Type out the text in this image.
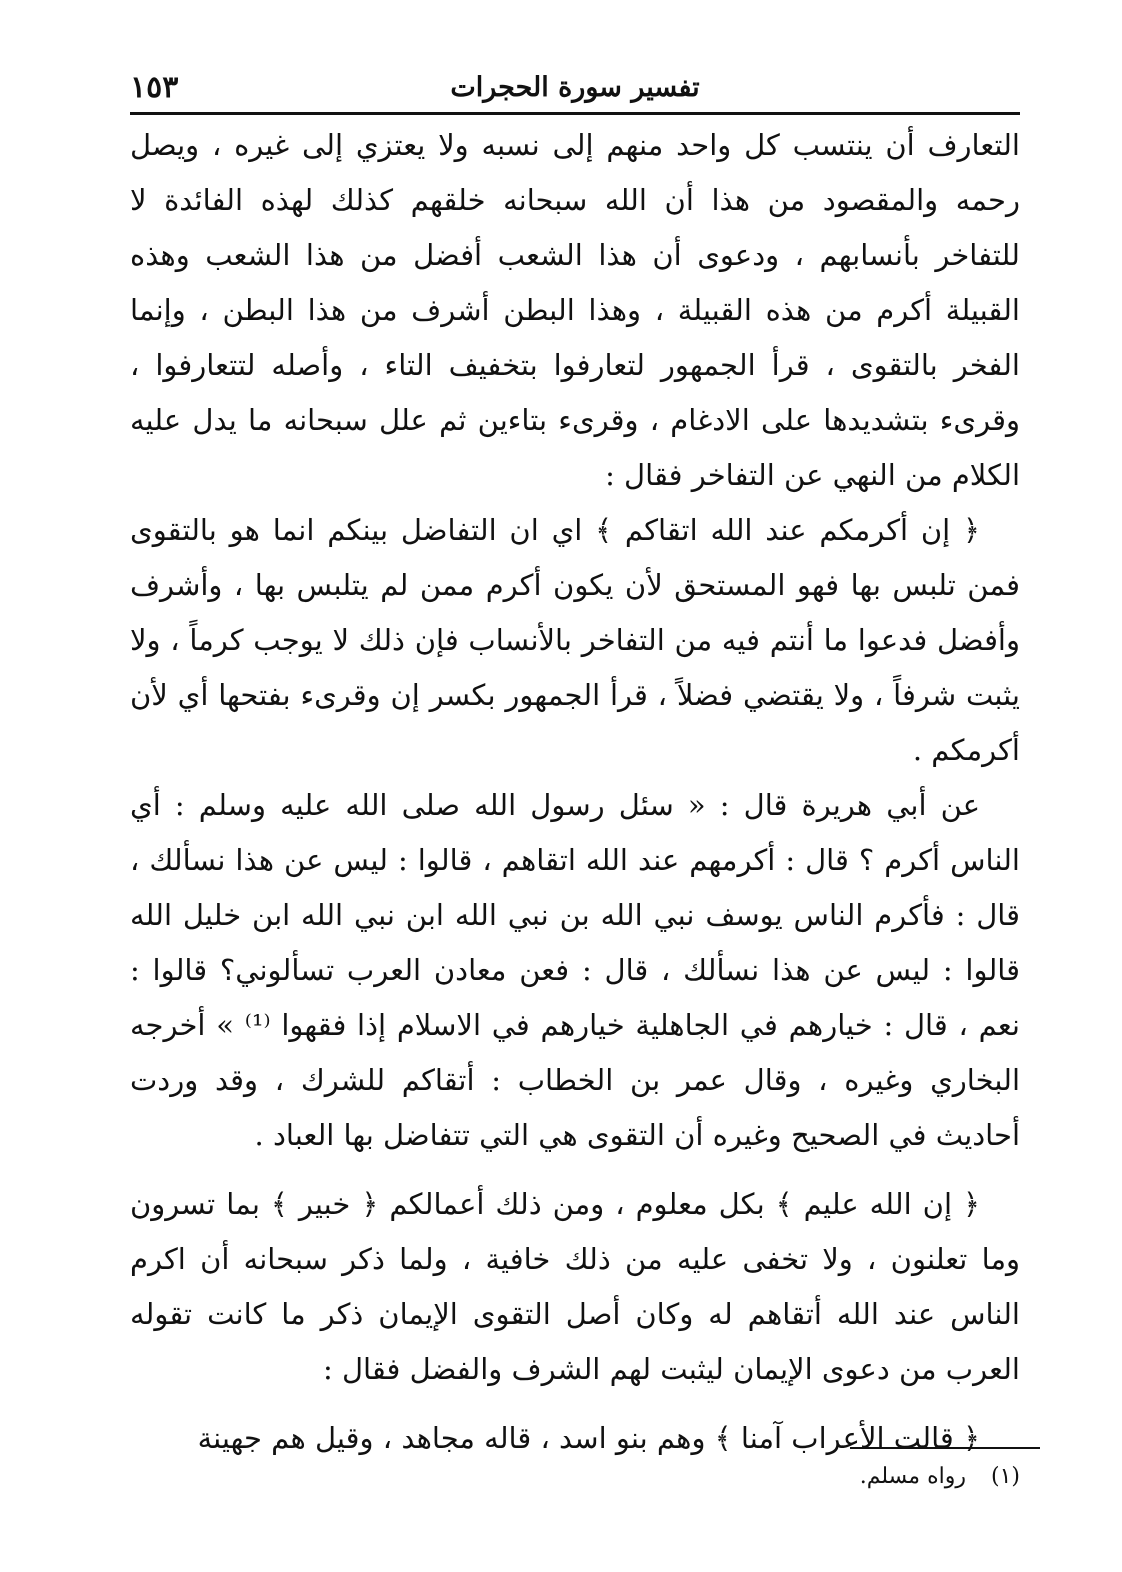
١٥٣	تفسير سورة الحجرات

التعارف أن ينتسب كل واحد منهم إلى نسبه ولا يعتزي إلى غيره ، ويصل رحمه والمقصود من هذا أن الله سبحانه خلقهم كذلك لهذه الفائدة لا للتفاخر بأنسابهم ، ودعوى أن هذا الشعب أفضل من هذا الشعب وهذه القبيلة أكرم من هذه القبيلة ، وهذا البطن أشرف من هذا البطن ، وإنما الفخر بالتقوى ، قرأ الجمهور لتعارفوا بتخفيف التاء ، وأصله لتتعارفوا ، وقرىء بتشديدها على الادغام ، وقرىء بتاءين ثم علل سبحانه ما يدل عليه الكلام من النهي عن التفاخر فقال :

﴿ إن أكرمكم عند الله اتقاكم ﴾ اي ان التفاضل بينكم انما هو بالتقوى فمن تلبس بها فهو المستحق لأن يكون أكرم ممن لم يتلبس بها ، وأشرف وأفضل فدعوا ما أنتم فيه من التفاخر بالأنساب فإن ذلك لا يوجب كرماً ، ولا يثبت شرفاً ، ولا يقتضي فضلاً ، قرأ الجمهور بكسر إن وقرىء بفتحها أي لأن أكرمكم .

عن أبي هريرة قال : « سئل رسول الله صلى الله عليه وسلم : أي الناس أكرم ؟ قال : أكرمهم عند الله اتقاهم ، قالوا : ليس عن هذا نسألك ، قال : فأكرم الناس يوسف نبي الله بن نبي الله ابن نبي الله ابن خليل الله قالوا : ليس عن هذا نسألك ، قال : فعن معادن العرب تسألوني؟ قالوا : نعم ، قال : خيارهم في الجاهلية خيارهم في الاسلام إذا فقهوا ⁽¹⁾ » أخرجه البخاري وغيره ، وقال عمر بن الخطاب : أتقاكم للشرك ، وقد وردت أحاديث في الصحيح وغيره أن التقوى هي التي تتفاضل بها العباد .

﴿ إن الله عليم ﴾ بكل معلوم ، ومن ذلك أعمالكم ﴿ خبير ﴾ بما تسرون وما تعلنون ، ولا تخفى عليه من ذلك خافية ، ولما ذكر سبحانه أن اكرم الناس عند الله أتقاهم له وكان أصل التقوى الإيمان ذكر ما كانت تقوله العرب من دعوى الإيمان ليثبت لهم الشرف والفضل فقال :

﴿ قالت الأعراب آمنا ﴾ وهم بنو اسد ، قاله مجاهد ، وقيل هم جهينة

(١) رواه مسلم.
